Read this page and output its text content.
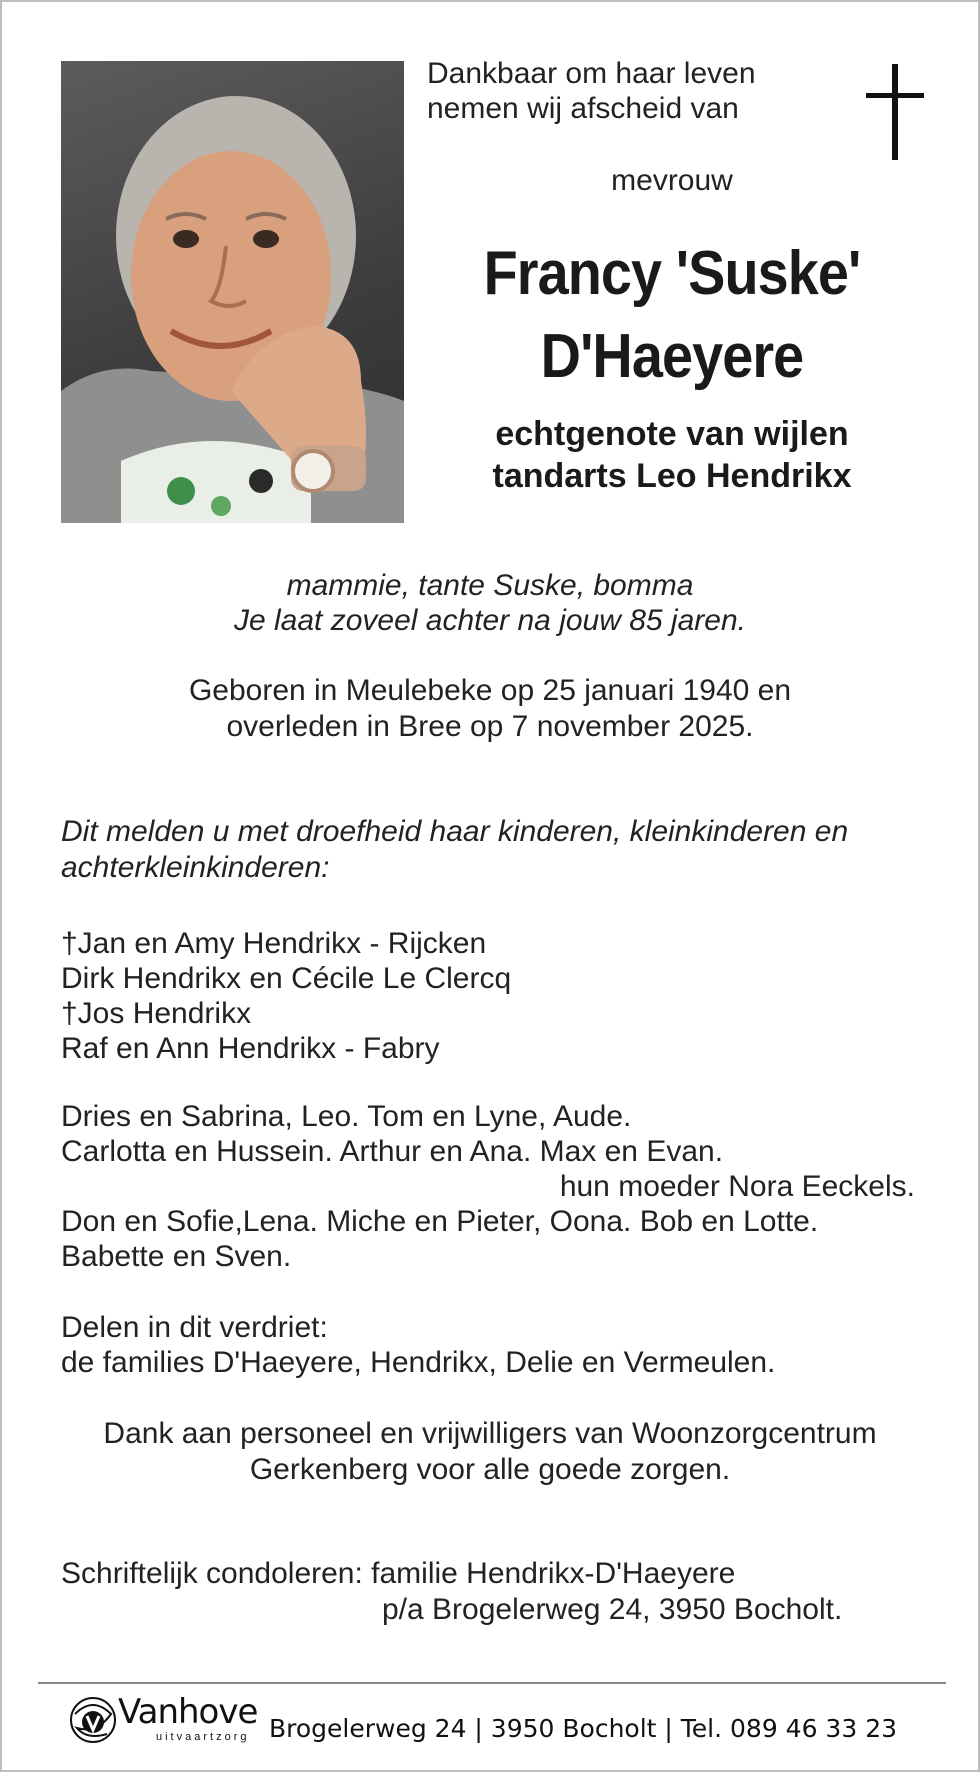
Dankbaar om haar leven
nemen wij afscheid van
mevrouw
Francy 'Suske'
D'Haeyere
echtgenote van wijlen
tandarts Leo Hendrikx
mammie, tante Suske, bomma
Je laat zoveel achter na jouw 85 jaren.
Geboren in Meulebeke op 25 januari 1940 en
overleden in Bree op 7 november 2025.
Dit melden u met droefheid haar kinderen, kleinkinderen en
achterkleinkinderen:
†Jan en Amy Hendrikx - Rijcken
Dirk Hendrikx en Cécile Le Clercq
†Jos Hendrikx
Raf en Ann Hendrikx - Fabry
Dries en Sabrina, Leo. Tom en Lyne, Aude.
Carlotta en Hussein. Arthur en Ana. Max en Evan.
hun moeder Nora Eeckels.
Don en Sofie,Lena. Miche en Pieter, Oona. Bob en Lotte.
Babette en Sven.
Delen in dit verdriet:
de families D'Haeyere, Hendrikx, Delie en Vermeulen.
Dank aan personeel en vrijwilligers van Woonzorgcentrum
Gerkenberg voor alle goede zorgen.
Schriftelijk condoleren: familie Hendrikx-D'Haeyere
p/a Brogelerweg 24, 3950 Bocholt.
Vanhove
uitvaartzorg Brogelerweg 24 | 3950 Bocholt | Tel. 089 46 33 23
